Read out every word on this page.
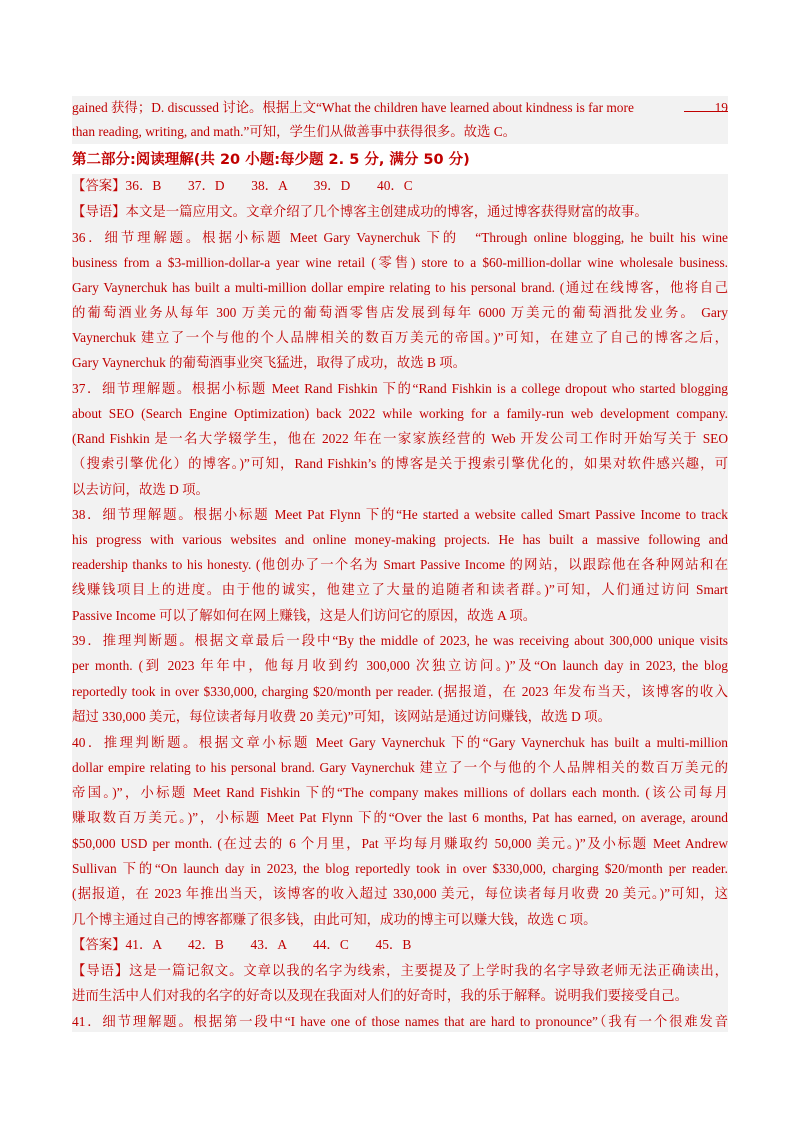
gained 获得；D. discussed 讨论。根据上文“What the children have learned about kindness is far more
than reading, writing, and math.”可知，学生们从做善事中获得很多。故选 C。
19
第二部分:阅读理解(共 20 小题:每少题 2. 5 分, 满分 50 分)
【答案】36．B　　37．D　　38．A　　39．D　　40．C
【导语】本文是一篇应用文。文章介绍了几个博客主创建成功的博客，通过博客获得财富的故事。
36．细节理解题。根据小标题 Meet Gary Vaynerchuk 下的　“Through online blogging, he built his wine
business from a $3-million-dollar-a year wine retail (零售) store to a $60-million-dollar wine wholesale business.
Gary Vaynerchuk has built a multi-million dollar empire relating to his personal brand. (通过在线博客，他将自己
的葡萄酒业务从每年 300 万美元的葡萄酒零售店发展到每年 6000 万美元的葡萄酒批发业务。 Gary
Vaynerchuk 建立了一个与他的个人品牌相关的数百万美元的帝国。)”可知，在建立了自己的博客之后，
Gary Vaynerchuk 的葡萄酒事业突飞猛进，取得了成功，故选 B 项。
37．细节理解题。根据小标题 Meet Rand Fishkin 下的“Rand Fishkin is a college dropout who started blogging
about SEO (Search Engine Optimization) back 2022 while working for a family-run web development company.
(Rand Fishkin 是一名大学辍学生，他在 2022 年在一家家族经营的 Web 开发公司工作时开始写关于 SEO
（搜索引擎优化）的博客。)”可知，Rand Fishkin’s 的博客是关于搜索引擎优化的，如果对软件感兴趣，可
以去访问，故选 D 项。
38．细节理解题。根据小标题 Meet Pat Flynn 下的“He started a website called Smart Passive Income to track
his progress with various websites and online money-making projects. He has built a massive following and
readership thanks to his honesty. (他创办了一个名为 Smart Passive Income 的网站，以跟踪他在各种网站和在
线赚钱项目上的进度。由于他的诚实，他建立了大量的追随者和读者群。)”可知，人们通过访问 Smart
Passive Income 可以了解如何在网上赚钱，这是人们访问它的原因，故选 A 项。
39．推理判断题。根据文章最后一段中“By the middle of 2023, he was receiving about 300,000 unique visits
per month. (到 2023 年年中，他每月收到约 300,000 次独立访问。)”及“On launch day in 2023, the blog
reportedly took in over $330,000, charging $20/month per reader. (据报道，在 2023 年发布当天，该博客的收入
超过 330,000 美元，每位读者每月收费 20 美元)”可知，该网站是通过访问赚钱，故选 D 项。
40．推理判断题。根据文章小标题 Meet Gary Vaynerchuk 下的“Gary Vaynerchuk has built a multi-million
dollar empire relating to his personal brand. Gary Vaynerchuk 建立了一个与他的个人品牌相关的数百万美元的
帝国。)”，小标题 Meet Rand Fishkin 下的“The company makes millions of dollars each month. (该公司每月
赚取数百万美元。)”，小标题 Meet Pat Flynn 下的“Over the last 6 months, Pat has earned, on average, around
$50,000 USD per month. (在过去的 6 个月里，Pat 平均每月赚取约 50,000 美元。)”及小标题 Meet Andrew
Sullivan 下的“On launch day in 2023, the blog reportedly took in over $330,000, charging $20/month per reader.
(据报道，在 2023 年推出当天，该博客的收入超过 330,000 美元，每位读者每月收费 20 美元。)”可知，这
几个博主通过自己的博客都赚了很多钱，由此可知，成功的博主可以赚大钱，故选 C 项。
【答案】41．A　　42．B　　43．A　　44．C　　45．B
【导语】这是一篇记叙文。文章以我的名字为线索，主要提及了上学时我的名字导致老师无法正确读出，
进而生活中人们对我的名字的好奇以及现在我面对人们的好奇时，我的乐于解释。说明我们要接受自己。
41．细节理解题。根据第一段中“I have one of those names that are hard to pronounce”（我有一个很难发音
